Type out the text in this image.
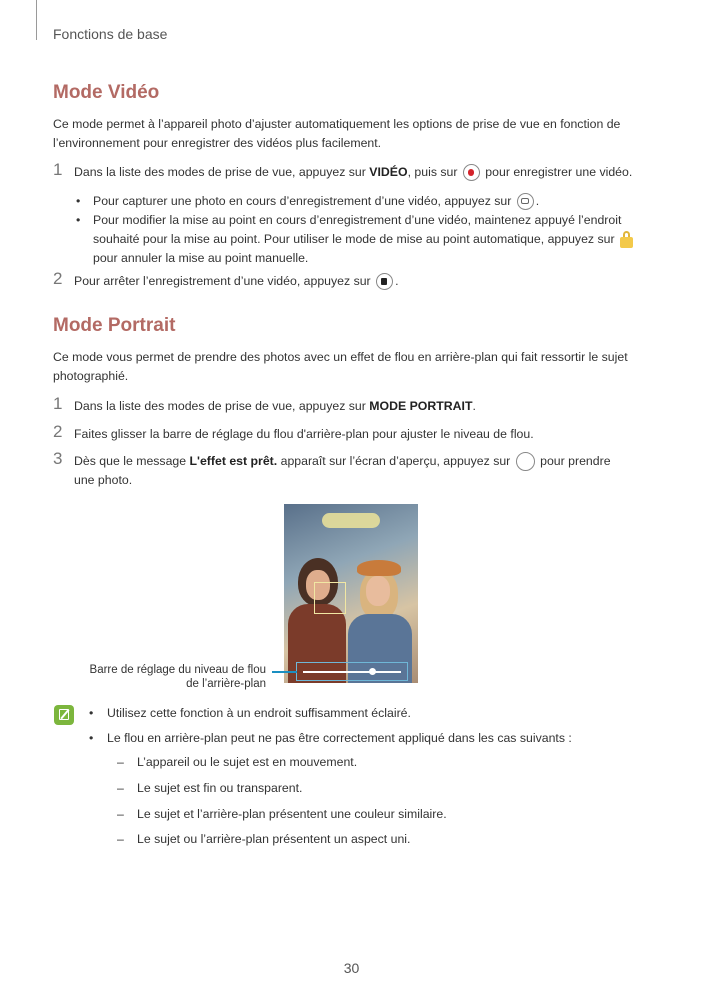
Fonctions de base
Mode Vidéo
Ce mode permet à l’appareil photo d’ajuster automatiquement les options de prise de vue en fonction de l’environnement pour enregistrer des vidéos plus facilement.
1 Dans la liste des modes de prise de vue, appuyez sur VIDÉO, puis sur  pour enregistrer une vidéo.
• Pour capturer une photo en cours d’enregistrement d’une vidéo, appuyez sur .
• Pour modifier la mise au point en cours d’enregistrement d’une vidéo, maintenez appuyé l’endroit souhaité pour la mise au point. Pour utiliser le mode de mise au point automatique, appuyez sur
pour annuler la mise au point manuelle.
2 Pour arrêter l’enregistrement d’une vidéo, appuyez sur .
Mode Portrait
Ce mode vous permet de prendre des photos avec un effet de flou en arrière-plan qui fait ressortir le sujet photographié.
1 Dans la liste des modes de prise de vue, appuyez sur MODE PORTRAIT.
2 Faites glisser la barre de réglage du flou d'arrière-plan pour ajuster le niveau de flou.
3 Dès que le message L'effet est prêt. apparaît sur l’écran d’aperçu, appuyez sur  pour prendre une photo.
Barre de réglage du niveau de flou
de l’arrière-plan
• Utilisez cette fonction à un endroit suffisamment éclairé.
• Le flou en arrière-plan peut ne pas être correctement appliqué dans les cas suivants :
– L’appareil ou le sujet est en mouvement.
– Le sujet est fin ou transparent.
– Le sujet et l’arrière-plan présentent une couleur similaire.
– Le sujet ou l’arrière-plan présentent un aspect uni.
30
